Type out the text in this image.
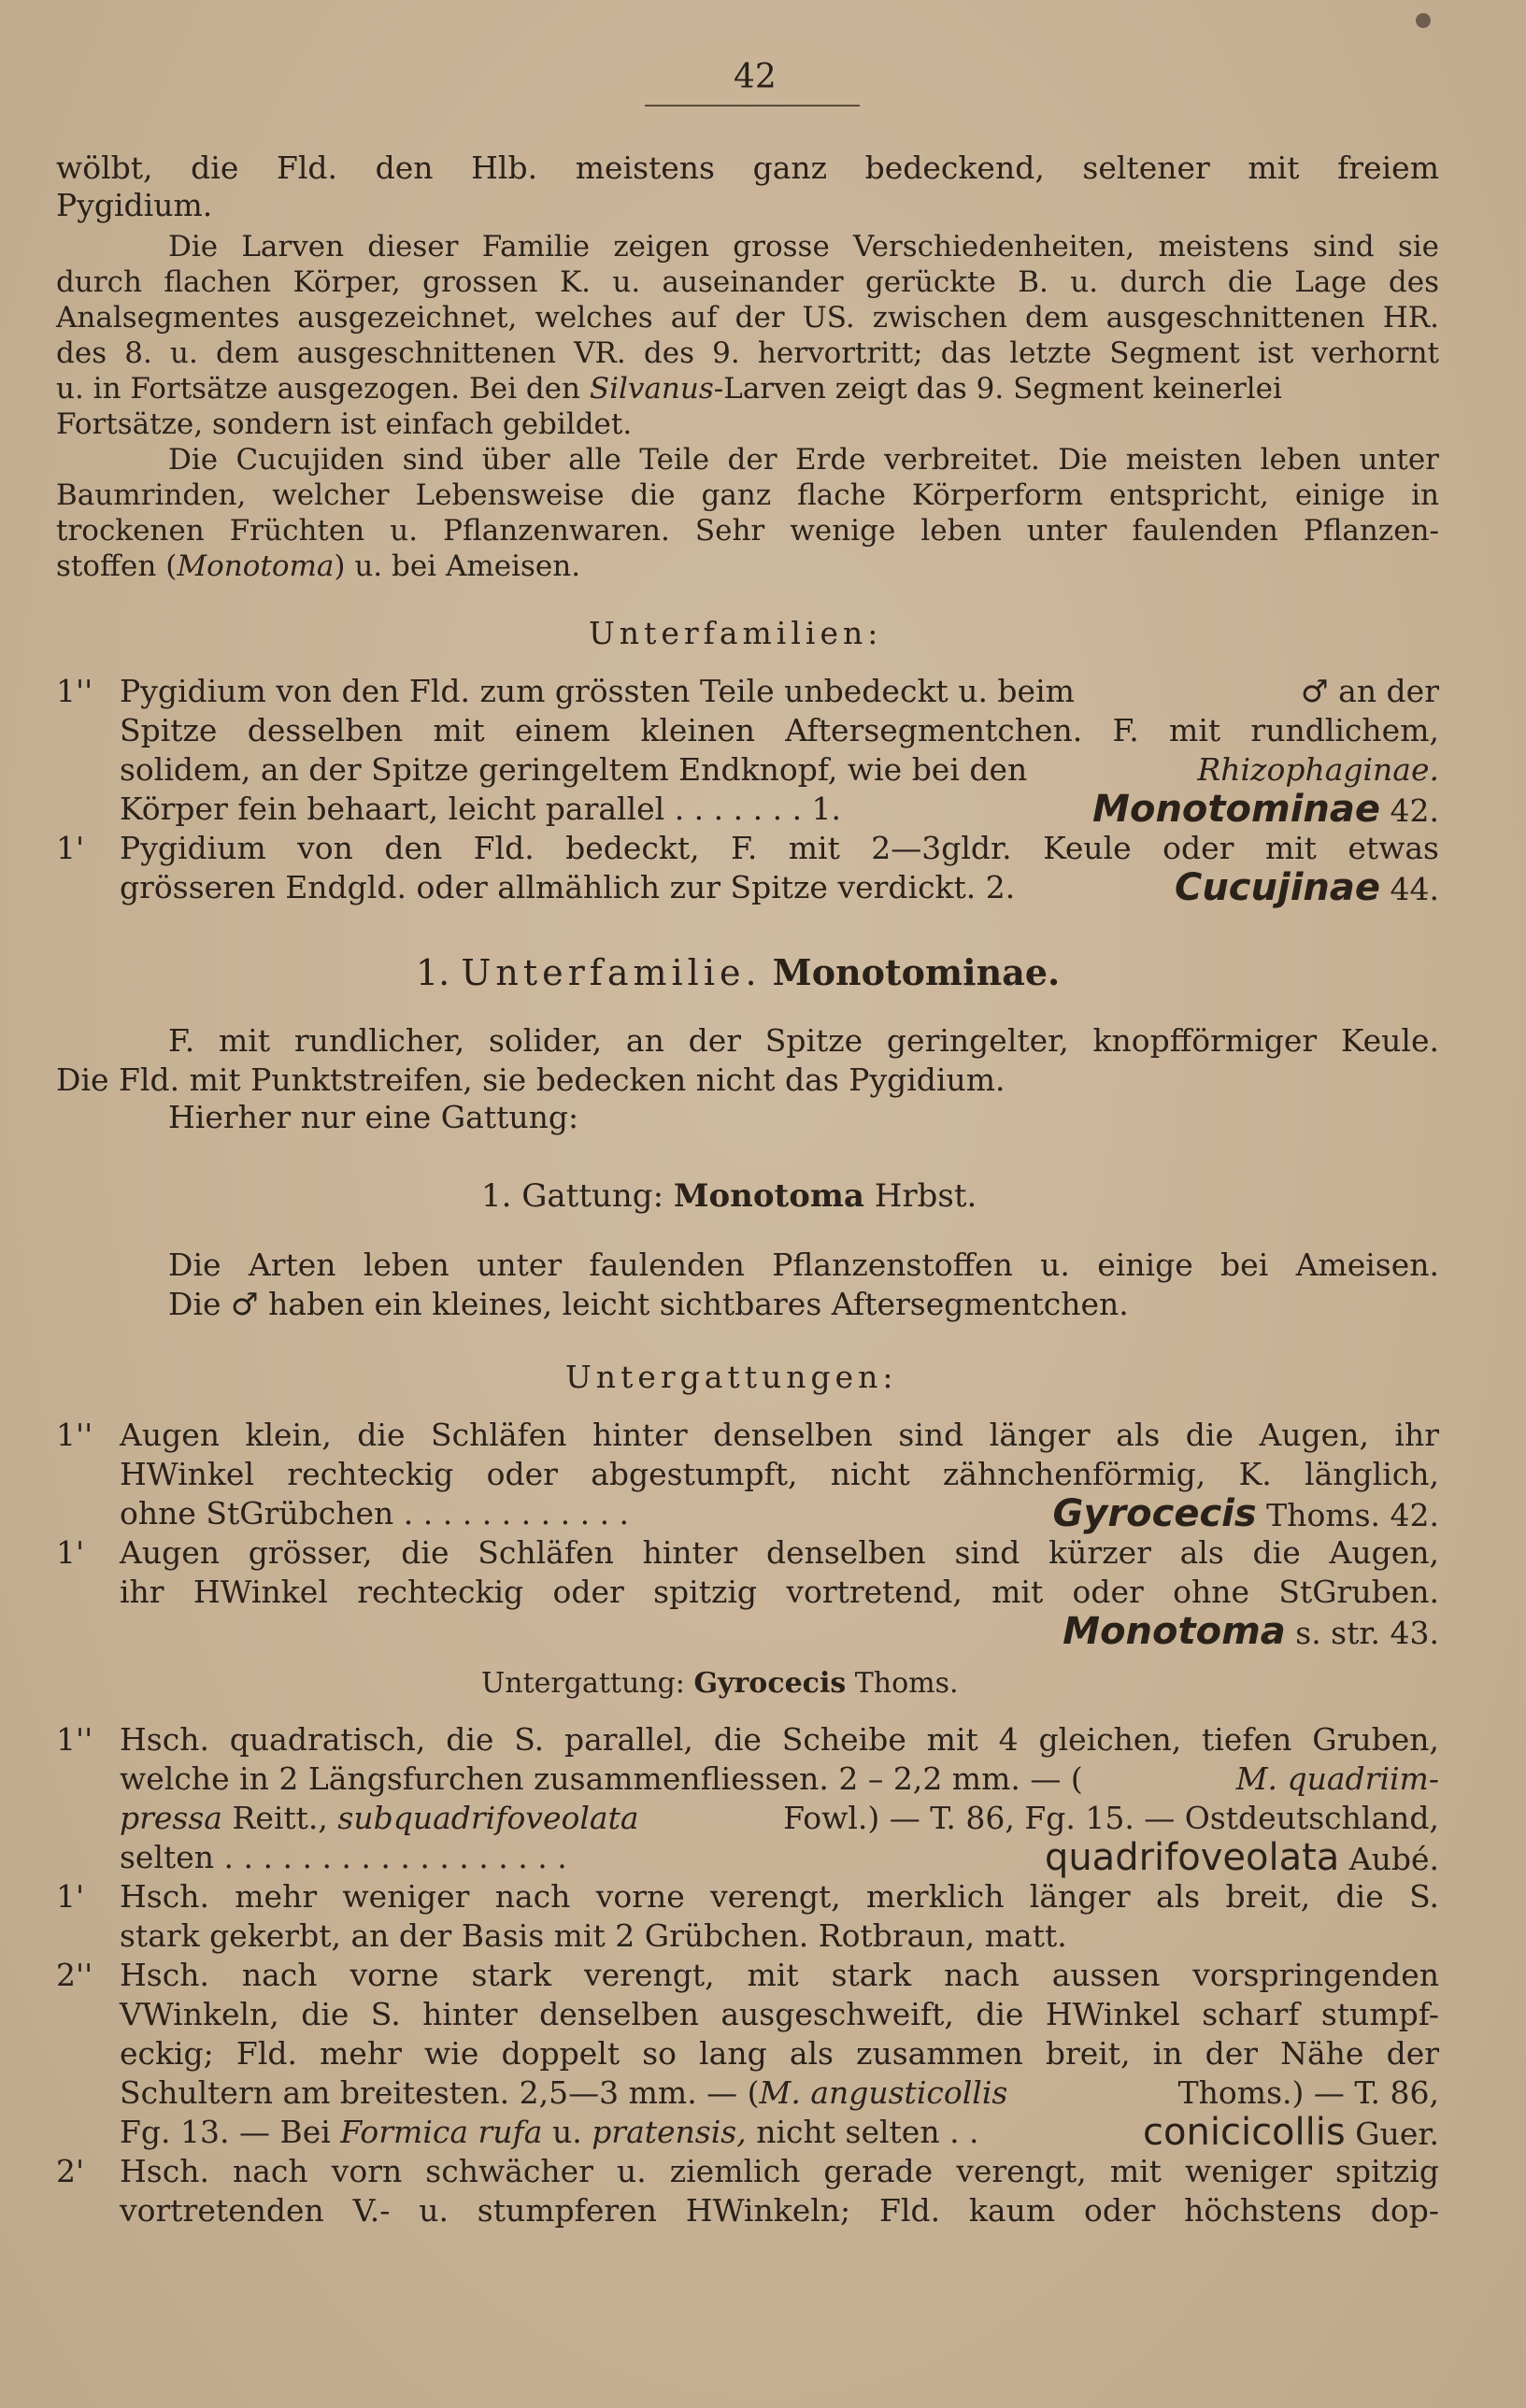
42
wölbt, die Fld. den Hlb. meistens ganz bedeckend, seltener mit freiem
Pygidium.
Die Larven dieser Familie zeigen grosse Verschiedenheiten, meistens sind sie
durch flachen Körper, grossen K. u. auseinander gerückte B. u. durch die Lage des
Analsegmentes ausgezeichnet, welches auf der US. zwischen dem ausgeschnittenen HR.
des 8. u. dem ausgeschnittenen VR. des 9. hervortritt; das letzte Segment ist verhornt
u. in Fortsätze ausgezogen. Bei den Silvanus-Larven zeigt das 9. Segment keinerlei
Fortsätze, sondern ist einfach gebildet.
Die Cucujiden sind über alle Teile der Erde verbreitet. Die meisten leben unter
Baumrinden, welcher Lebensweise die ganz flache Körperform entspricht, einige in
trockenen Früchten u. Pflanzenwaren. Sehr wenige leben unter faulenden Pflanzen-
stoffen (Monotoma) u. bei Ameisen.
Unterfamilien:
1'' Pygidium von den Fld. zum grössten Teile unbedeckt u. beim	♂ an der
Spitze desselben mit einem kleinen Aftersegmentchen. F. mit rundlichem,
solidem, an der Spitze geringeltem Endknopf, wie bei den	Rhizophaginae.
Körper fein behaart, leicht parallel . . . . . . . 1.	Monotominae 42.
1' Pygidium von den Fld. bedeckt, F. mit 2—3gldr. Keule oder mit etwas
grösseren Endgld. oder allmählich zur Spitze verdickt. 2.	Cucujinae 44.
1. Unterfamilie. Monotominae.
F. mit rundlicher, solider, an der Spitze geringelter, knopfförmiger Keule.
Die Fld. mit Punktstreifen, sie bedecken nicht das Pygidium.
Hierher nur eine Gattung:
1. Gattung: Monotoma Hrbst.
Die Arten leben unter faulenden Pflanzenstoffen u. einige bei Ameisen.
Die ♂ haben ein kleines, leicht sichtbares Aftersegmentchen.
Untergattungen:
1'' Augen klein, die Schläfen hinter denselben sind länger als die Augen, ihr
HWinkel rechteckig oder abgestumpft, nicht zähnchenförmig, K. länglich,
ohne StGrübchen . . . . . . . . . . . .	Gyrocecis Thoms. 42.
1' Augen grösser, die Schläfen hinter denselben sind kürzer als die Augen,
ihr HWinkel rechteckig oder spitzig vortretend, mit oder ohne StGruben.
Monotoma s. str. 43.
Untergattung: Gyrocecis Thoms.
1'' Hsch. quadratisch, die S. parallel, die Scheibe mit 4 gleichen, tiefen Gruben,
welche in 2 Längsfurchen zusammenfliessen. 2 – 2,2 mm. — (	M. quadriim-
pressa Reitt., subquadrifoveolata	Fowl.) — T. 86, Fg. 15. — Ostdeutschland,
selten . . . . . . . . . . . . . . . . . .	quadrifoveolata Aubé.
1' Hsch. mehr weniger nach vorne verengt, merklich länger als breit, die S.
stark gekerbt, an der Basis mit 2 Grübchen. Rotbraun, matt.
2'' Hsch. nach vorne stark verengt, mit stark nach aussen vorspringenden
VWinkeln, die S. hinter denselben ausgeschweift, die HWinkel scharf stumpf-
eckig; Fld. mehr wie doppelt so lang als zusammen breit, in der Nähe der
Schultern am breitesten. 2,5—3 mm. — (M. angusticollis	Thoms.) — T. 86,
Fg. 13. — Bei Formica rufa u. pratensis, nicht selten . .	conicicollis Guer.
2' Hsch. nach vorn schwächer u. ziemlich gerade verengt, mit weniger spitzig
vortretenden V.- u. stumpferen HWinkeln; Fld. kaum oder höchstens dop-
